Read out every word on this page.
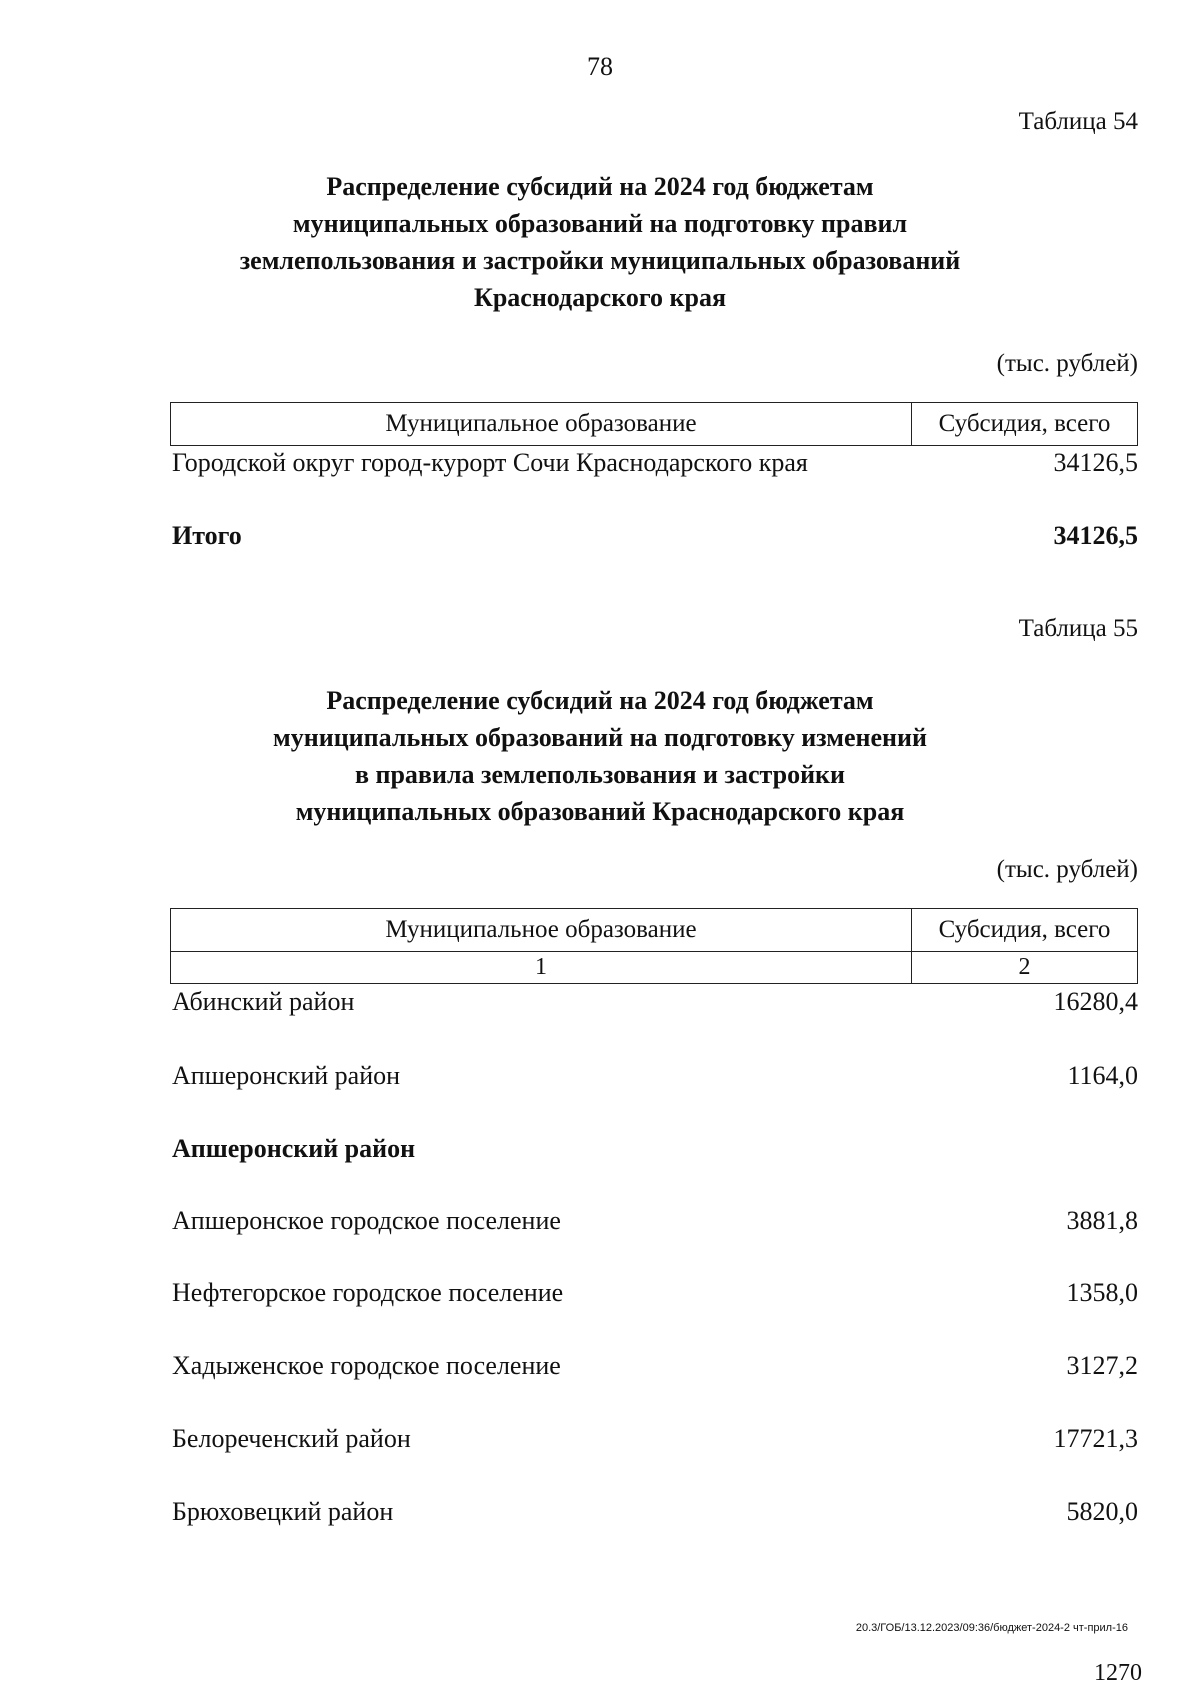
78
Таблица 54
Распределение субсидий на 2024 год бюджетам
муниципальных образований на подготовку правил
землепользования и застройки муниципальных образований
Краснодарского края
(тыс. рублей)
Муниципальное образование	Субсидия, всего
Городской округ город-курорт Сочи Краснодарского края	34126,5
Итого	34126,5
Таблица 55
Распределение субсидий на 2024 год бюджетам
муниципальных образований на подготовку изменений
в правила землепользования и застройки
муниципальных образований Краснодарского края
(тыс. рублей)
Муниципальное образование	Субсидия, всего
1	2
Абинский район	16280,4
Апшеронский район	1164,0
Апшеронский район
Апшеронское городское поселение	3881,8
Нефтегорское городское поселение	1358,0
Хадыженское городское поселение	3127,2
Белореченский район	17721,3
Брюховецкий район	5820,0
20.3/ГОБ/13.12.2023/09:36/бюджет-2024-2 чт-прил-16
1270
